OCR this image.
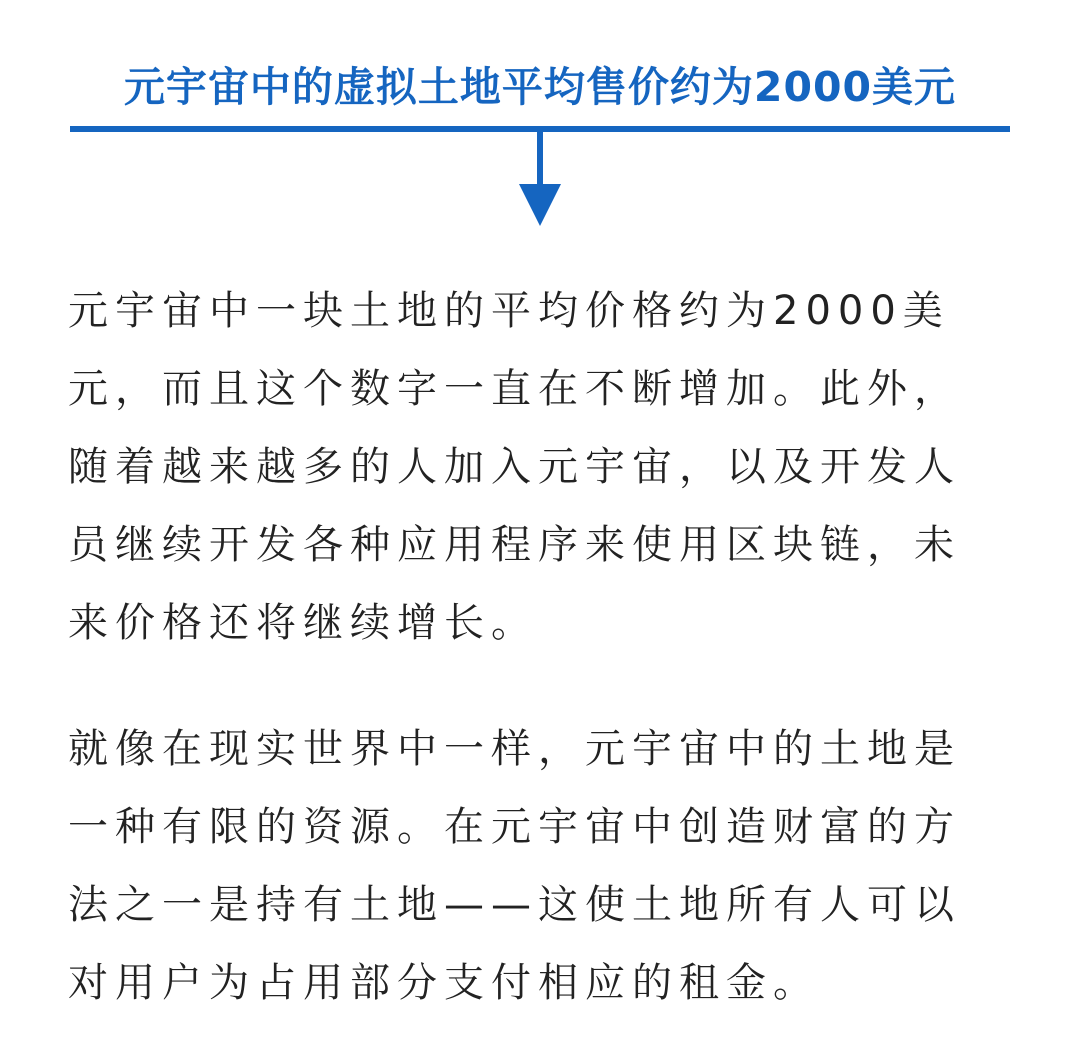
元宇宙中的虚拟土地平均售价约为2000美元

元宇宙中一块土地的平均价格约为2000美
元，而且这个数字一直在不断增加。此外，
随着越来越多的人加入元宇宙，以及开发人
员继续开发各种应用程序来使用区块链，未
来价格还将继续增长。

就像在现实世界中一样，元宇宙中的土地是
一种有限的资源。在元宇宙中创造财富的方
法之一是持有土地——这使土地所有人可以
对用户为占用部分支付相应的租金。
